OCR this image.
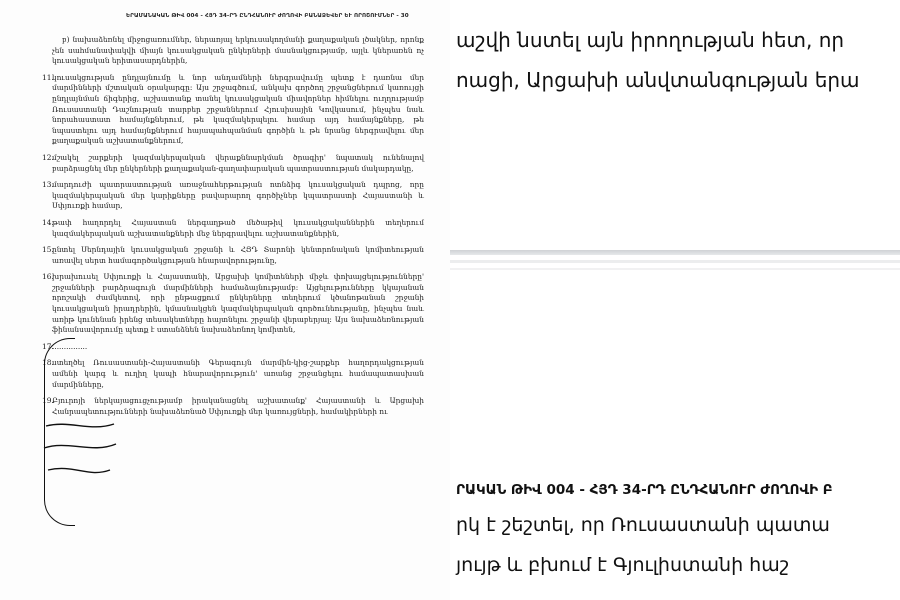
ԵՐԱՄԱՆԱԿԱՆ ԹԻՎ 004 - ՀՅԴ 34-ՐԴ ԸՆԴՀԱՆՈՒՐ ԺՈՂՈՎԻ ԲԱՆԱՁԵՎԵՐ ԵՒ ՈՐՈՇՈՒՄՆԵՐ - 30
բ) նախաձեռնել միջոցառումներ, ներառյալ երկուսակողմանի քաղաքական լծակներ, որոնք չեն սահմանափակվի միայն կուսակցական ընկերների մասնակցությամբ, այլև կներառեն ոչ կուսակցական երիտասարդներին,
11.
կուսակցության ընդլայնումը և նոր անդամների ներգրավումը պետք է դառնա մեր մարմինների մշտական օրակարգը: Այս շրջագծում, անկախ գործող շրջանցներում կառույցի ընդլայնման ճիգերից, աշխատանք տանել կուսակցական միավորներ հիմնելու ուղղությամբ Ռուսաստանի Դաշնության տարբեր շրջաններում Հյուսիսային Կովկասում, ինչպես նաև նորահաստատ համայնքներում, թե կազմակերպելու համար այդ համայնքները, թե նպաստելու այդ համայնքներում հայապահպանման գործին և թե նրանց ներգրավելու մեր քաղաքական աշխատանքներում,
12.
մշակել շարքերի կազմակերպական վերաքննարկման ծրագիր' նպատակ ունենալով բարձրացնել մեր ընկերների քաղաքական-գաղափարական պատրաստության մակարդակը,
13.
մարդուժի պատրաստության առաջնահերթության ոտնձիգ կուսակցական դպրոց, որը կազմակերպական մեր կարիքները բավարարող գործիչներ կպատրաստի Հայաստանի և Սփյուռքի համար,
14.
թափ հաղորդել Հայաստան ներգաղթած մեծաթիվ կուսակցականներին տեղերում կազմակերպական աշխատանքների մեջ ներգրավելու աշխատանքներին,
15.
ընտել Սերնդային կուսակցական շրջանի և ՀՅԴ Տարոնի կենտրոնական կոմիտեության առավել սերտ համագործակցության հնարավորությունը,
16.
խրախուսել Սփյուռքի և Հայաստանի, Արցախի կոմիտեների միջև փոխայցելությունները' շրջանների բարձրագույն մարմինների համաձայնությամբ: Այցելությունները կկայանան որոշակի ժամկետով, որի ընթացքում ընկերները տեղերում կծանոթանան շրջանի կուսակցական իրադրերին, կմասնակցեն կազմակերպական գործունեությանը, ինչպես նաև առիթ կունենան իրենց տեսակետները հայտնելու շրջանի վերաբերյալ: Այս նախաձեռնության ֆինանսավորումը պետք է ստանձնեն նախաձեռնող կոմիտեն,
17.
...............
18.
ստեղծել Ռուսաստանի-Հայաստանի Գերագույն մարմին-կից-շարքեր հաղորդակցության ամենի կարգ և ուղիղ կապի հնարավորություն' առանց շրջանցելու համապատասխան մարմինները,
19.
Բյուրոյի ներկայացուցչությամբ իրականացնել աշխատանք' Հայաստանի և Արցախի Հանրապետությունների նախաձեռնած Սփյուռքի մեր կառույցների, համակիրների ու
աշվի նստել այն իրողության հետ, որ
ոացի, Արցախի անվտանգության երա
ՐԱԿԱՆ ԹԻՎ 004 - ՀՅԴ 34-ՐԴ ԸՆԴՀԱՆՈՒՐ ԺՈՂՈՎԻ Բ
րկ է շեշտել, որ Ռուսաստանի պատա
յույթ և բխում է Գյուլիստանի հաշ
